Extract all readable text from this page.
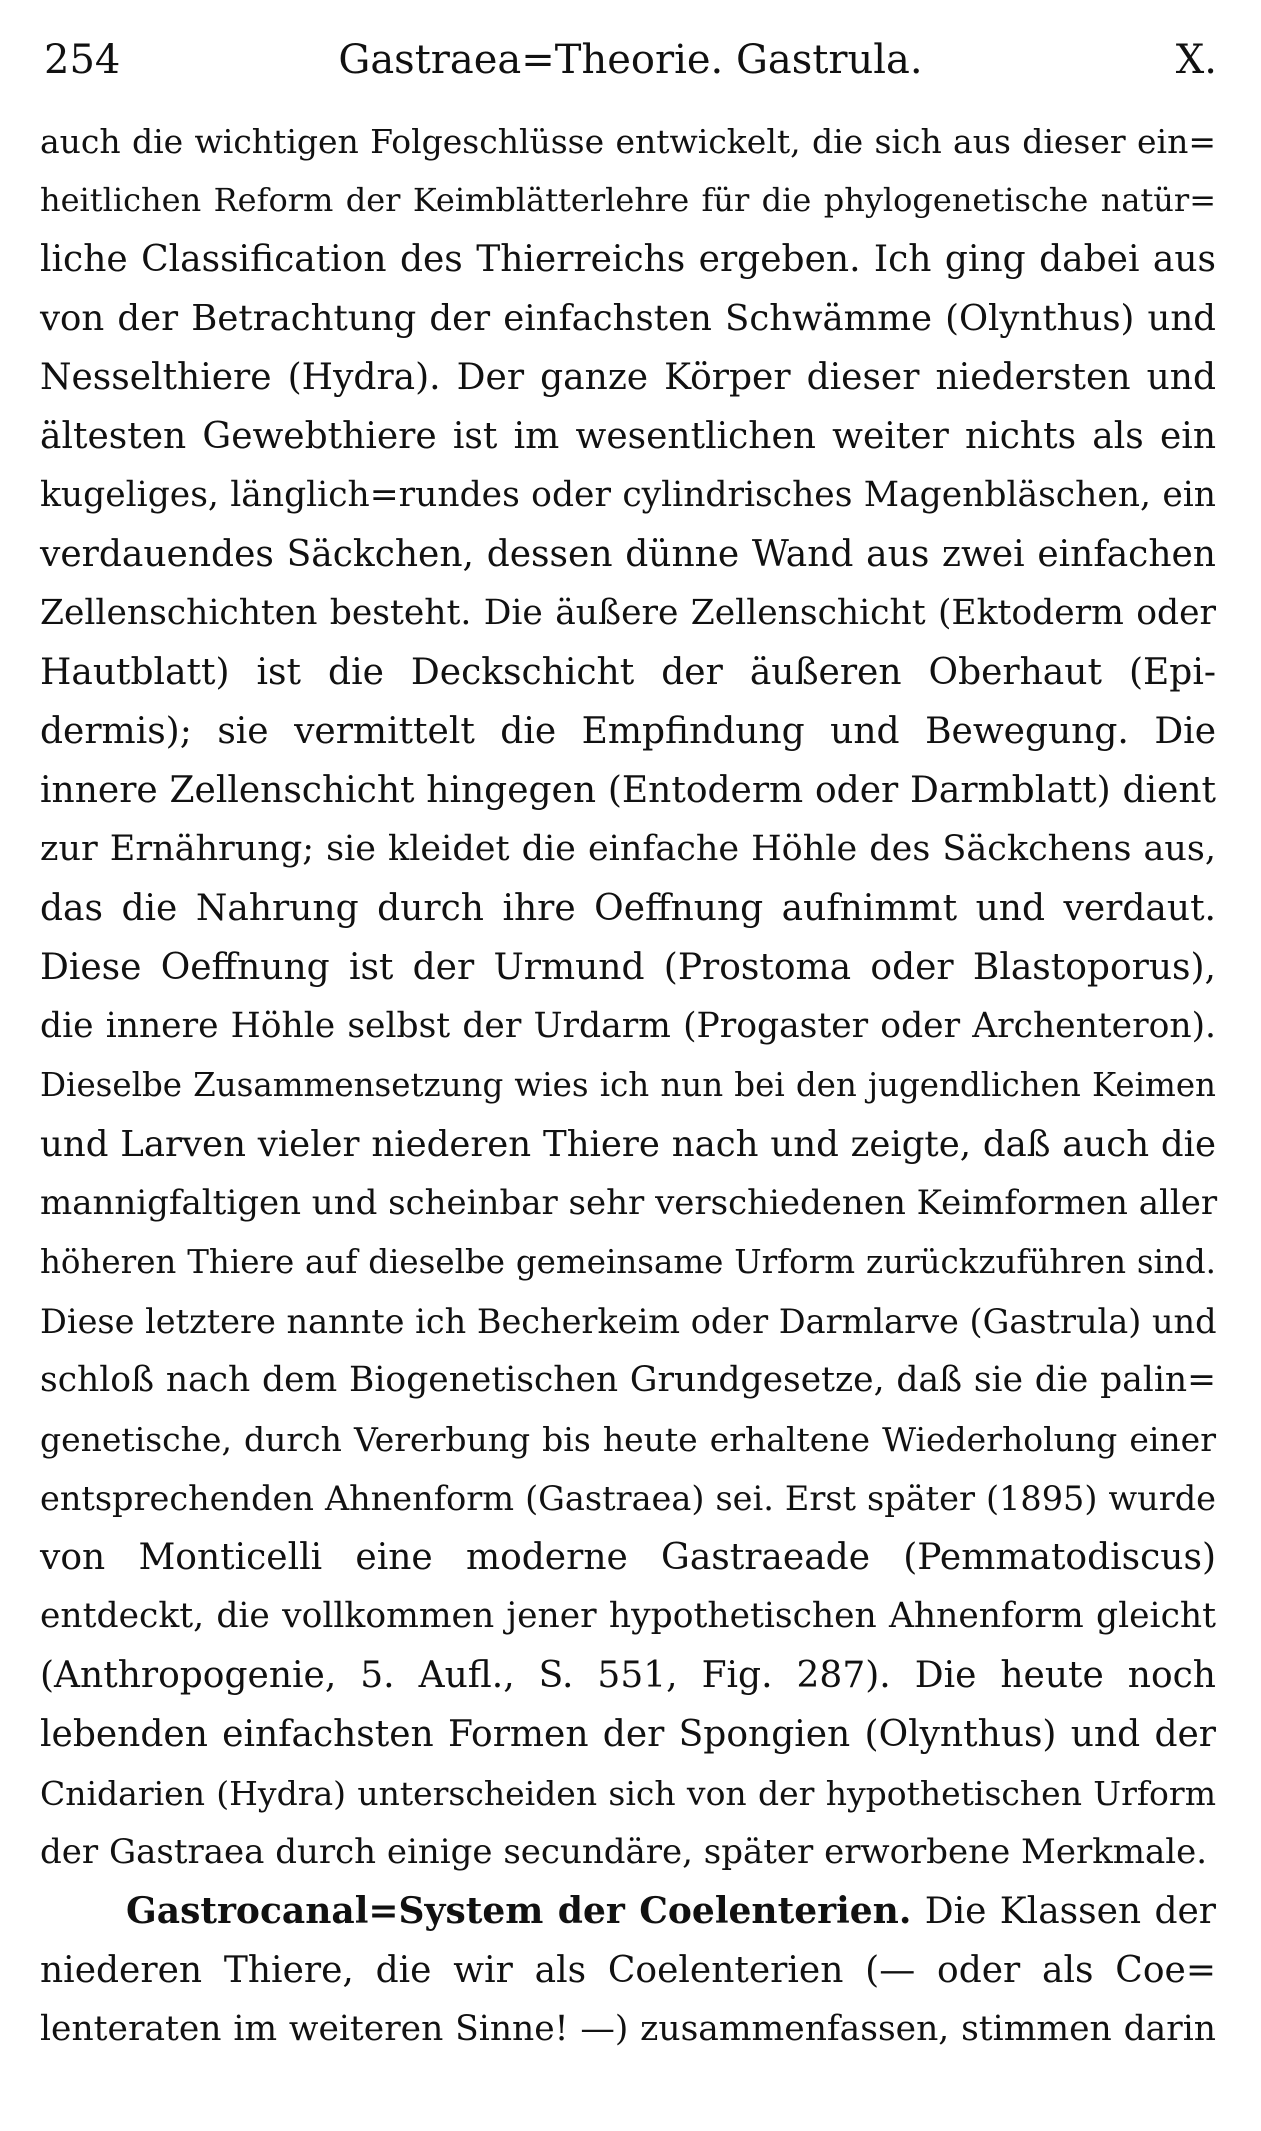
254	Gastraea=Theorie. Gastrula.	X.
auch die wichtigen Folgeschlüsse entwickelt, die sich aus dieser ein=
heitlichen Reform der Keimblätterlehre für die phylogenetische natür=
liche Classification des Thierreichs ergeben. Ich ging dabei aus
von der Betrachtung der einfachsten Schwämme (Olynthus) und
Nesselthiere (Hydra). Der ganze Körper dieser niedersten und
ältesten Gewebthiere ist im wesentlichen weiter nichts als ein
kugeliges, länglich=rundes oder cylindrisches Magenbläschen, ein
verdauendes Säckchen, dessen dünne Wand aus zwei einfachen
Zellenschichten besteht. Die äußere Zellenschicht (Ektoderm oder
Hautblatt) ist die Deckschicht der äußeren Oberhaut (Epi-
dermis); sie vermittelt die Empfindung und Bewegung. Die
innere Zellenschicht hingegen (Entoderm oder Darmblatt) dient
zur Ernährung; sie kleidet die einfache Höhle des Säckchens aus,
das die Nahrung durch ihre Oeffnung aufnimmt und verdaut.
Diese Oeffnung ist der Urmund (Prostoma oder Blastoporus),
die innere Höhle selbst der Urdarm (Progaster oder Archenteron).
Dieselbe Zusammensetzung wies ich nun bei den jugendlichen Keimen
und Larven vieler niederen Thiere nach und zeigte, daß auch die
mannigfaltigen und scheinbar sehr verschiedenen Keimformen aller
höheren Thiere auf dieselbe gemeinsame Urform zurückzuführen sind.
Diese letztere nannte ich Becherkeim oder Darmlarve (Gastrula) und
schloß nach dem Biogenetischen Grundgesetze, daß sie die palin=
genetische, durch Vererbung bis heute erhaltene Wiederholung einer
entsprechenden Ahnenform (Gastraea) sei. Erst später (1895) wurde
von Monticelli eine moderne Gastraeade (Pemmatodiscus)
entdeckt, die vollkommen jener hypothetischen Ahnenform gleicht
(Anthropogenie, 5. Aufl., S. 551, Fig. 287). Die heute noch
lebenden einfachsten Formen der Spongien (Olynthus) und der
Cnidarien (Hydra) unterscheiden sich von der hypothetischen Urform
der Gastraea durch einige secundäre, später erworbene Merkmale.
Gastrocanal=System der Coelenterien. Die Klassen der
niederen Thiere, die wir als Coelenterien (— oder als Coe=
lenteraten im weiteren Sinne! —) zusammenfassen, stimmen darin
